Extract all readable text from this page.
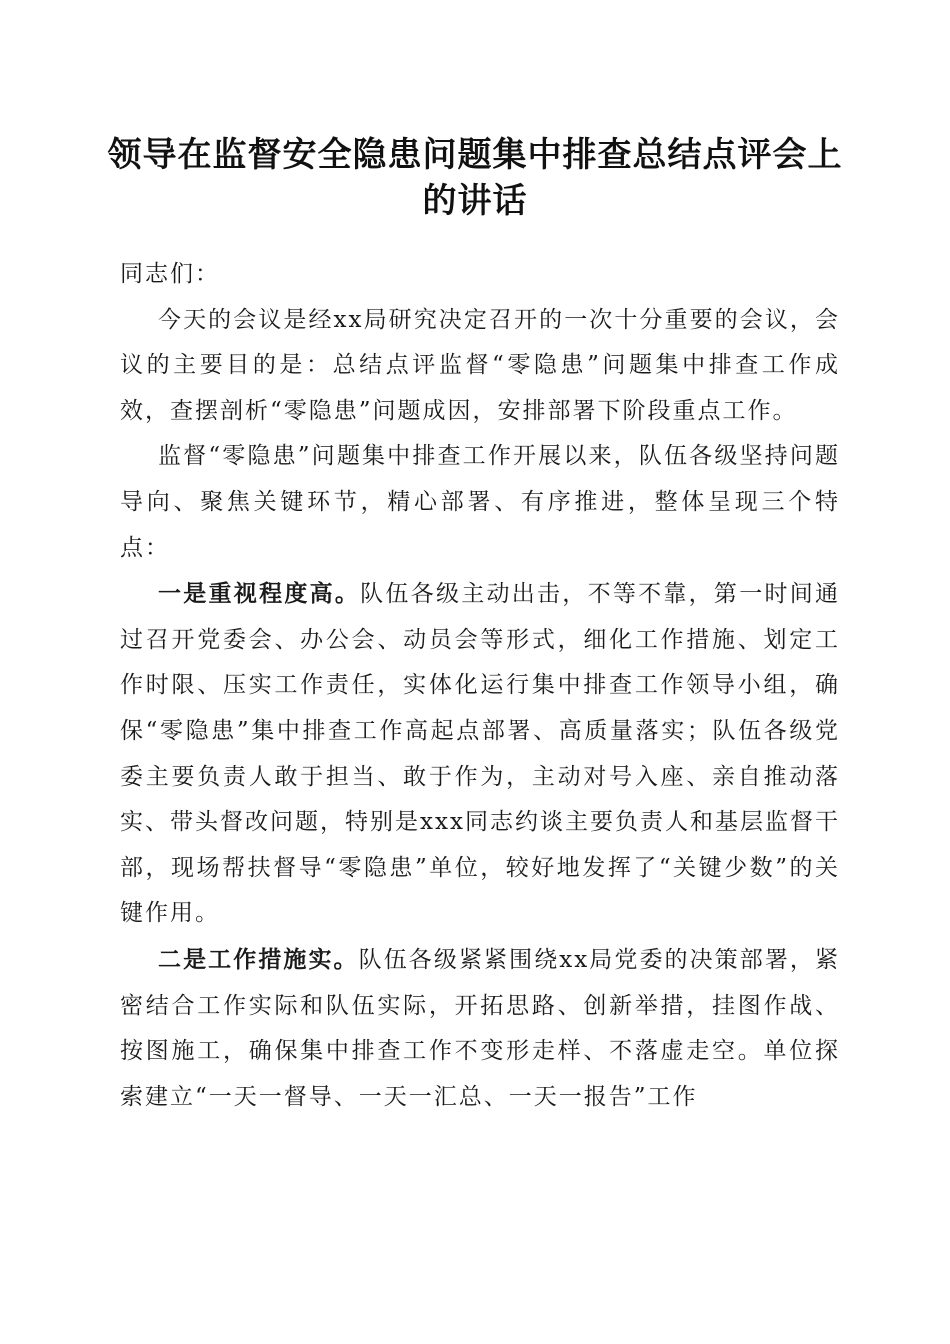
领导在监督安全隐患问题集中排查总结点评会上的讲话

同志们：

今天的会议是经xx局研究决定召开的一次十分重要的会议，会议的主要目的是：总结点评监督“零隐患”问题集中排查工作成效，查摆剖析“零隐患”问题成因，安排部署下阶段重点工作。

监督“零隐患”问题集中排查工作开展以来，队伍各级坚持问题导向、聚焦关键环节，精心部署、有序推进，整体呈现三个特点：

一是重视程度高。队伍各级主动出击，不等不靠，第一时间通过召开党委会、办公会、动员会等形式，细化工作措施、划定工作时限、压实工作责任，实体化运行集中排查工作领导小组，确保“零隐患”集中排查工作高起点部署、高质量落实；队伍各级党委主要负责人敢于担当、敢于作为，主动对号入座、亲自推动落实、带头督改问题，特别是xxx同志约谈主要负责人和基层监督干部，现场帮扶督导“零隐患”单位，较好地发挥了“关键少数”的关键作用。

二是工作措施实。队伍各级紧紧围绕xx局党委的决策部署，紧密结合工作实际和队伍实际，开拓思路、创新举措，挂图作战、按图施工，确保集中排查工作不变形走样、不落虚走空。单位探索建立“一天一督导、一天一汇总、一天一报告”工作
